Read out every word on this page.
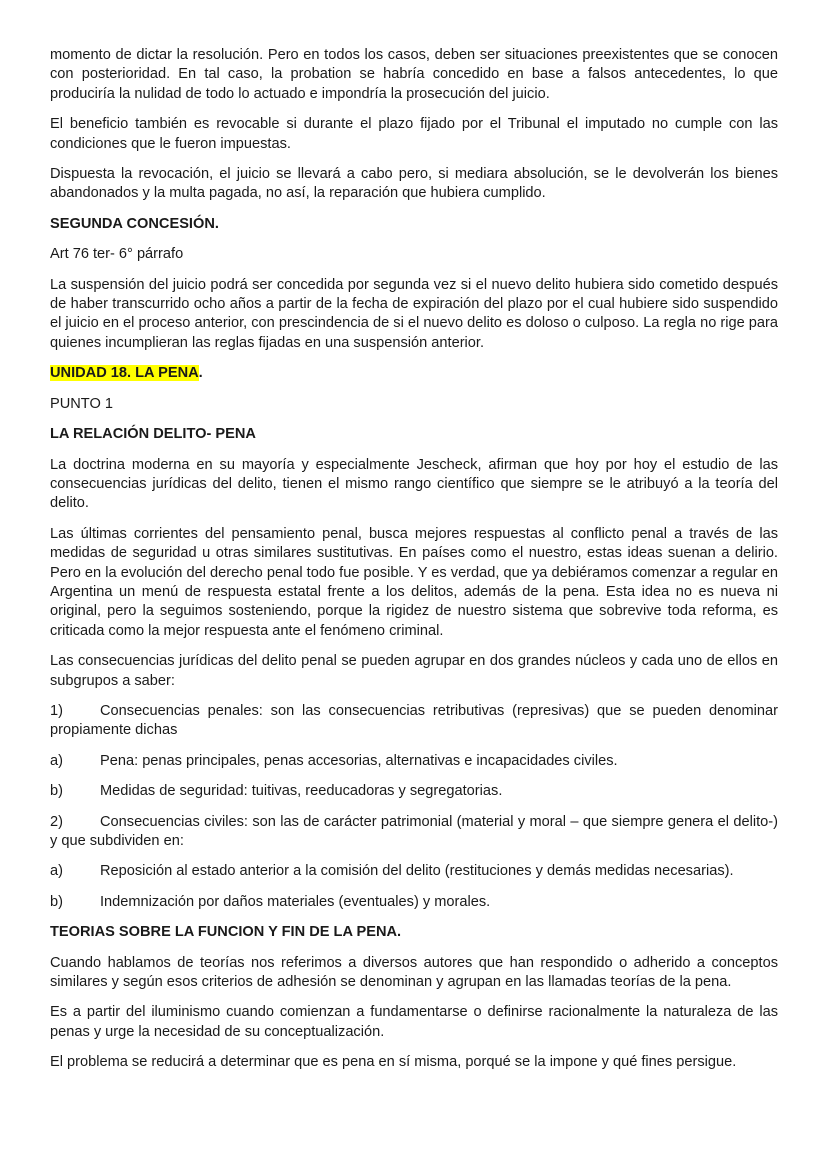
momento de dictar la resolución. Pero en todos los casos, deben ser situaciones preexistentes que se conocen con posterioridad. En tal caso, la probation se habría concedido en base a falsos antecedentes, lo que produciría la nulidad de todo lo actuado e impondría la prosecución del juicio.

El beneficio también es revocable si durante el plazo fijado por el Tribunal el imputado no cumple con las condiciones que le fueron impuestas.

Dispuesta la revocación, el juicio se llevará a cabo pero, si mediara absolución, se le devolverán los bienes abandonados y la multa pagada, no así, la reparación que hubiera cumplido.

SEGUNDA CONCESIÓN.

Art 76 ter- 6° párrafo

La suspensión del juicio podrá ser concedida por segunda vez si el nuevo delito hubiera sido cometido después de haber transcurrido ocho años a partir de la fecha de expiración del plazo por el cual hubiere sido suspendido el juicio en el proceso anterior, con prescindencia de si el nuevo delito es doloso o culposo. La regla no rige para quienes incumplieran las reglas fijadas en una suspensión anterior.

UNIDAD 18. LA PENA.

PUNTO 1

LA RELACIÓN DELITO- PENA

La doctrina moderna en su mayoría y especialmente Jescheck, afirman que hoy por hoy el estudio de las consecuencias jurídicas del delito, tienen el mismo rango científico que siempre se le atribuyó a la teoría del delito.

Las últimas corrientes del pensamiento penal, busca mejores respuestas al conflicto penal a través de las medidas de seguridad u otras similares sustitutivas. En países como el nuestro, estas ideas suenan a delirio. Pero en la evolución del derecho penal todo fue posible. Y es verdad, que ya debiéramos comenzar a regular en Argentina un menú de respuesta estatal frente a los delitos, además de la pena. Esta idea no es nueva ni original, pero la seguimos sosteniendo, porque la rigidez de nuestro sistema que sobrevive toda reforma, es criticada como la mejor respuesta ante el fenómeno criminal.

Las consecuencias jurídicas del delito penal se pueden agrupar en dos grandes núcleos y cada uno de ellos en subgrupos a saber:

1)	Consecuencias penales: son las consecuencias retributivas (represivas) que se pueden denominar propiamente dichas

a)	Pena: penas principales, penas accesorias, alternativas e incapacidades civiles.
b)	Medidas de seguridad: tuitivas, reeducadoras y segregatorias.

2)	Consecuencias civiles: son las de carácter patrimonial (material y moral – que siempre genera el delito-) y que subdividen en:

a)	Reposición al estado anterior a la comisión del delito (restituciones y demás medidas necesarias).
b)	Indemnización por daños materiales (eventuales) y morales.
TEORIAS SOBRE LA FUNCION Y FIN DE LA PENA.

Cuando hablamos de teorías nos referimos a diversos autores que han respondido o adherido a conceptos similares y según esos criterios de adhesión se denominan y agrupan en las llamadas teorías de la pena.

Es a partir del iluminismo cuando comienzan a fundamentarse o definirse racionalmente la naturaleza de las penas y urge la necesidad de su conceptualización.

El problema se reducirá a determinar que es pena en sí misma, porqué se la impone y qué fines persigue.
